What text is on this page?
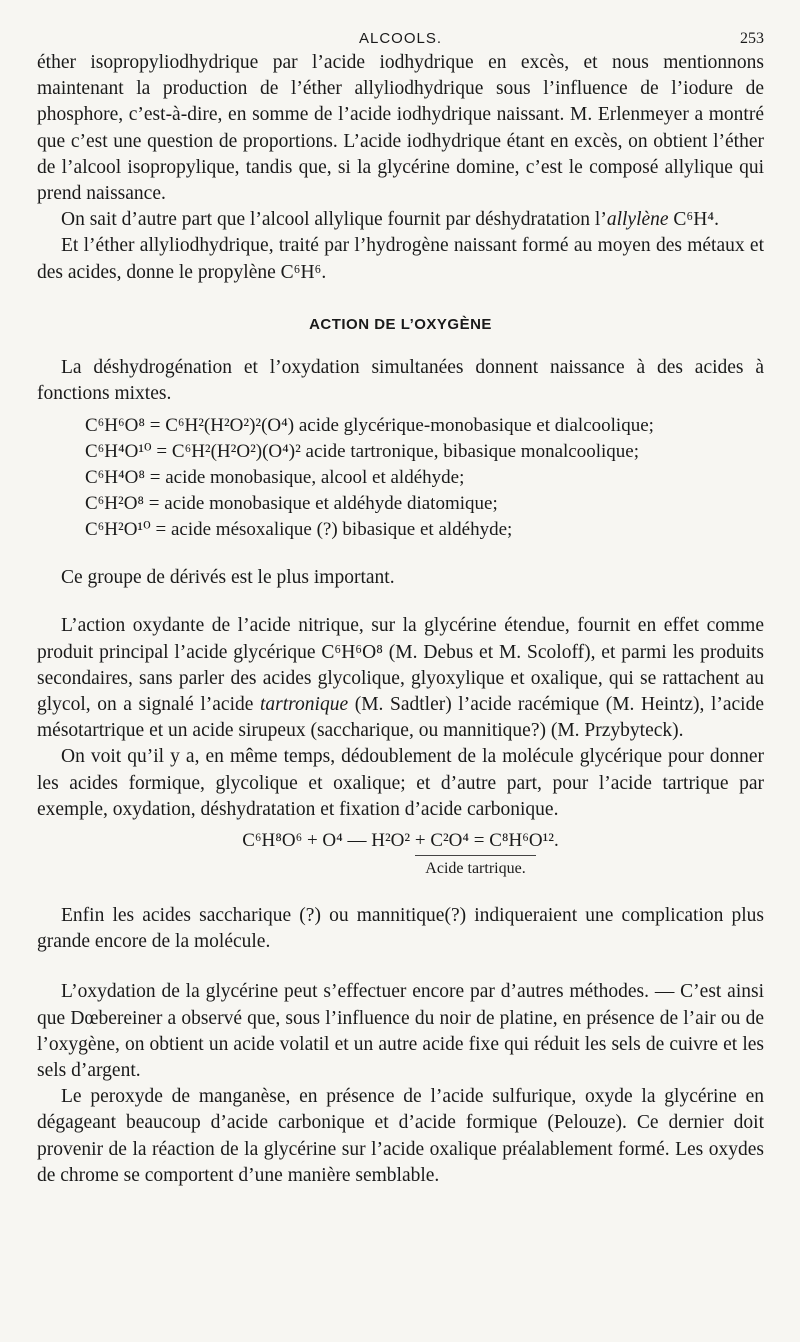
ALCOOLS.	253

éther isopropyliodhydrique par l’acide iodhydrique en excès, et nous mentionnons maintenant la production de l’éther allyliodhydrique sous l’influence de l’iodure de phosphore, c’est-à-dire, en somme de l’acide iodhydrique naissant. M. Erlenmeyer a montré que c’est une question de proportions. L’acide iodhydrique étant en excès, on obtient l’éther de l’alcool isopropylique, tandis que, si la glycérine domine, c’est le composé allylique qui prend naissance.

On sait d’autre part que l’alcool allylique fournit par déshydratation l’allylène C⁶H⁴.

Et l’éther allyliodhydrique, traité par l’hydrogène naissant formé au moyen des métaux et des acides, donne le propylène C⁶H⁶.

ACTION DE L’OXYGÈNE

La déshydrogénation et l’oxydation simultanées donnent naissance à des acides à fonctions mixtes.

C⁶H⁶O⁸ = C⁶H²(H²O²)²(O⁴) acide glycérique-monobasique et dialcoolique;
C⁶H⁴O¹⁰ = C⁶H²(H²O²)(O⁴)² acide tartronique, bibasique monalcoolique;
C⁶H⁴O⁸ = acide monobasique, alcool et aldéhyde;
C⁶H²O⁸ = acide monobasique et aldéhyde diatomique;
C⁶H²O¹⁰ = acide mésoxalique (?) bibasique et aldéhyde;

Ce groupe de dérivés est le plus important.

L’action oxydante de l’acide nitrique, sur la glycérine étendue, fournit en effet comme produit principal l’acide glycérique C⁶H⁶O⁸ (M. Debus et M. Scoloff), et parmi les produits secondaires, sans parler des acides glycolique, glyoxylique et oxalique, qui se rattachent au glycol, on a signalé l’acide tartronique (M. Sadtler) l’acide racémique (M. Heintz), l’acide mésotartrique et un acide sirupeux (saccharique, ou mannitique?) (M. Przybyteck).

On voit qu’il y a, en même temps, dédoublement de la molécule glycérique pour donner les acides formique, glycolique et oxalique; et d’autre part, pour l’acide tartrique par exemple, oxydation, déshydratation et fixation d’acide carbonique.

C⁶H⁸O⁶ + O⁴ — H²O² + C²O⁴ = C⁸H⁶O¹².
Acide tartrique.

Enfin les acides saccharique (?) ou mannitique(?) indiqueraient une complication plus grande encore de la molécule.

L’oxydation de la glycérine peut s’effectuer encore par d’autres méthodes. — C’est ainsi que Dœbereiner a observé que, sous l’influence du noir de platine, en présence de l’air ou de l’oxygène, on obtient un acide volatil et un autre acide fixe qui réduit les sels de cuivre et les sels d’argent.

Le peroxyde de manganèse, en présence de l’acide sulfurique, oxyde la glycérine en dégageant beaucoup d’acide carbonique et d’acide formique (Pelouze). Ce dernier doit provenir de la réaction de la glycérine sur l’acide oxalique préalablement formé. Les oxydes de chrome se comportent d’une manière semblable.
